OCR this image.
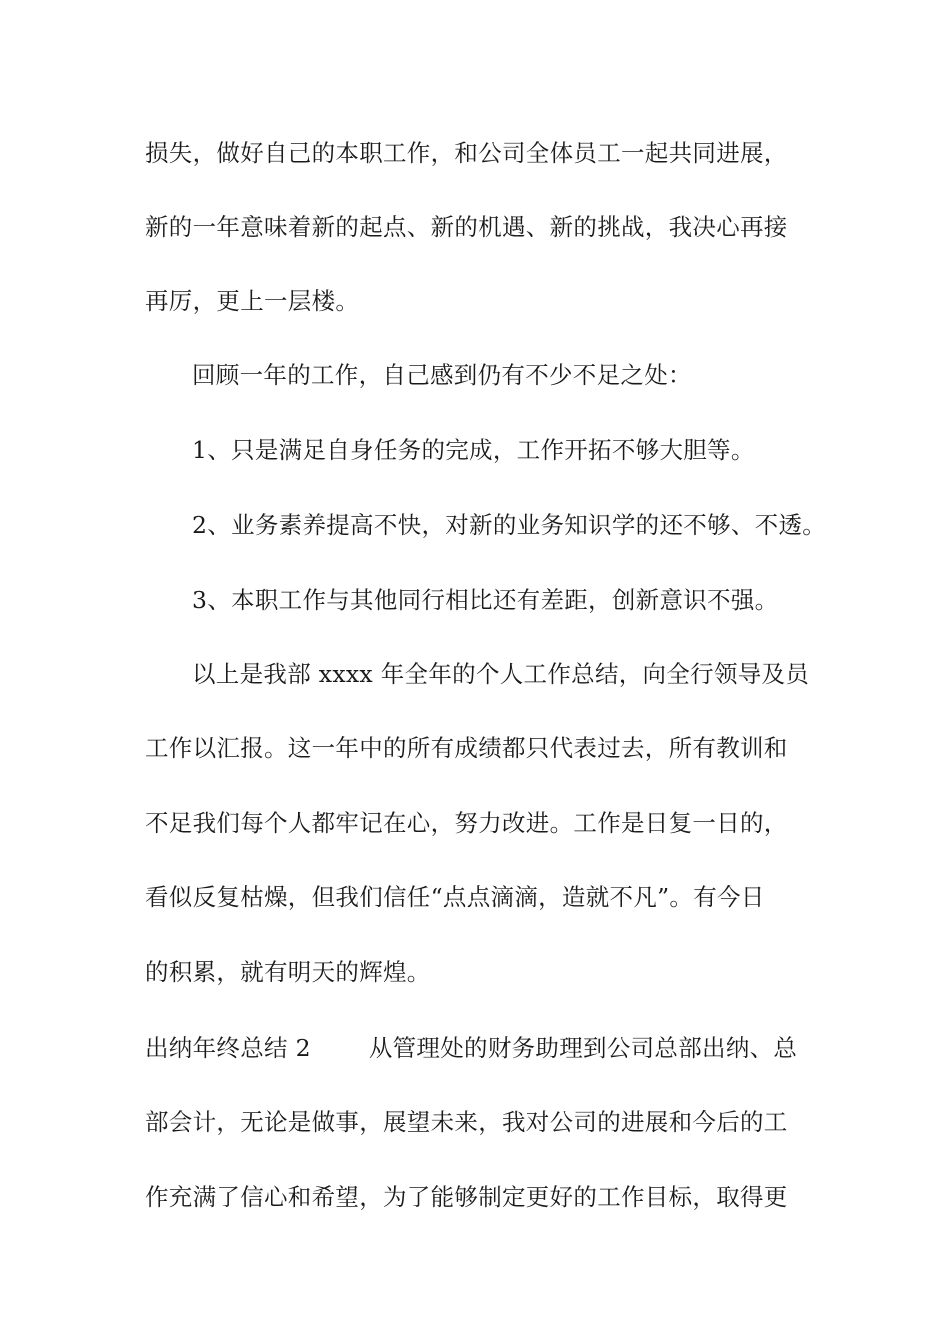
损失，做好自己的本职工作，和公司全体员工一起共同进展，
新的一年意味着新的起点、新的机遇、新的挑战，我决心再接
再厉，更上一层楼。
回顾一年的工作，自己感到仍有不少不足之处：
1、只是满足自身任务的完成，工作开拓不够大胆等。
2、业务素养提高不快，对新的业务知识学的还不够、不透。
3、本职工作与其他同行相比还有差距，创新意识不强。
以上是我部 xxxx 年全年的个人工作总结，向全行领导及员
工作以汇报。这一年中的所有成绩都只代表过去，所有教训和
不足我们每个人都牢记在心，努力改进。工作是日复一日的，
看似反复枯燥，但我们信任“点点滴滴，造就不凡”。有今日
的积累，就有明天的辉煌。
出纳年终总结 2 从管理处的财务助理到公司总部出纳、总
部会计，无论是做事，展望未来，我对公司的进展和今后的工
作充满了信心和希望，为了能够制定更好的工作目标，取得更
